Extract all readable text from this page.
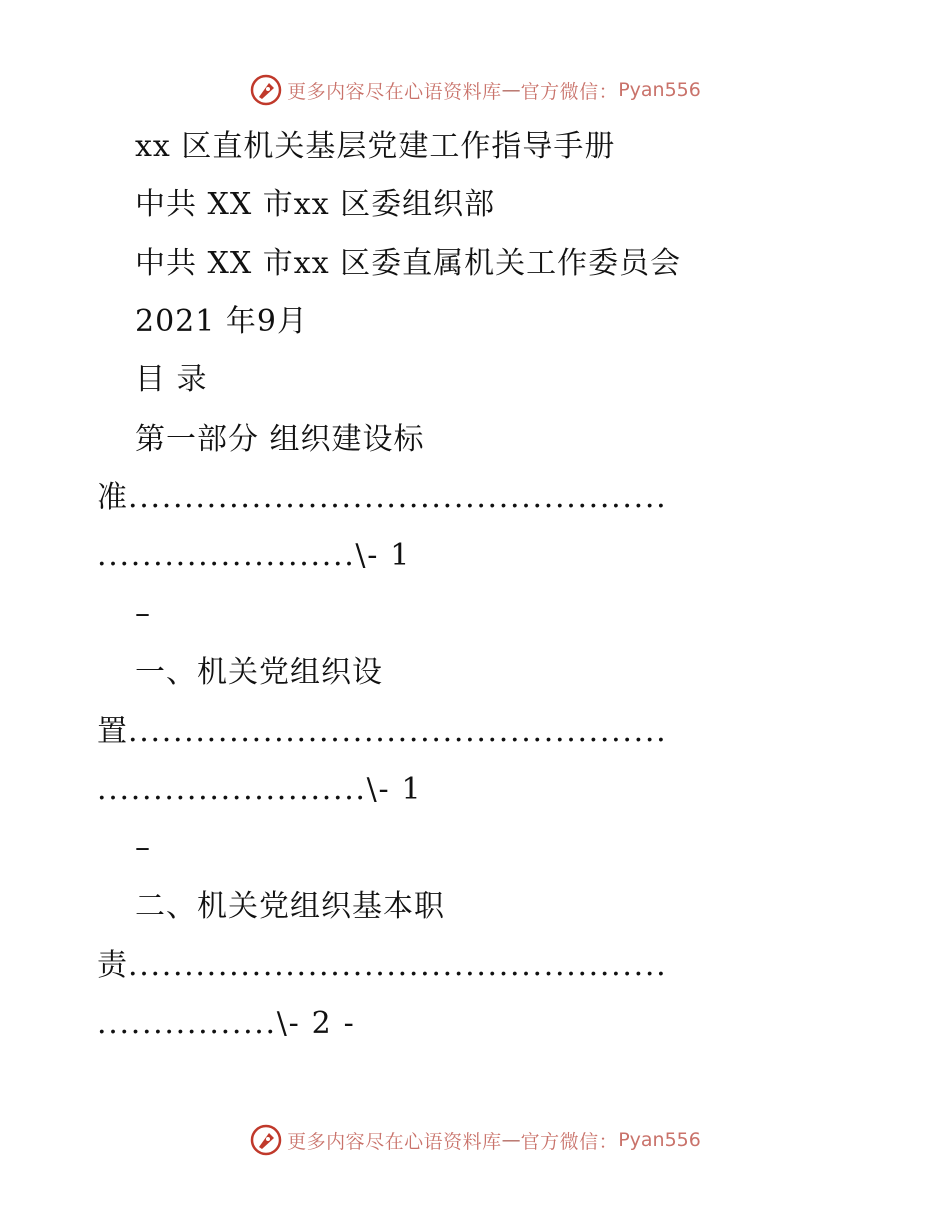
更多内容尽在心语资料库 — 官方微信： Pyan556
xx 区直机关基层党建工作指导手册
中共 XX 市xx 区委组织部
中共 XX 市xx 区委直属机关工作委员会
2021 年9月
目 录
第一部分 组织建设标
准................................................
.......................\- 1
–
一、机关党组织设
置................................................
........................\- 1
–
二、机关党组织基本职
责................................................
................\- 2 -
更多内容尽在心语资料库 — 官方微信： Pyan556
